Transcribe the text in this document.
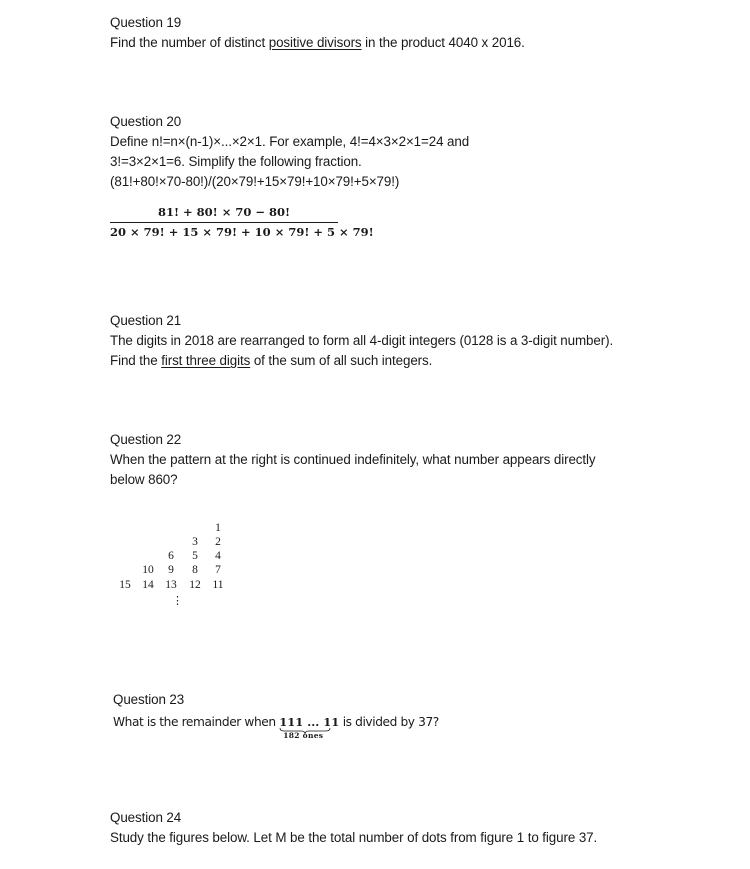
Question 19
Find the number of distinct positive divisors in the product 4040 x 2016.
Question 20
Define n!=n×(n-1)×...×2×1. For example, 4!=4×3×2×1=24 and
3!=3×2×1=6. Simplify the following fraction.
(81!+80!×70-80!)/(20×79!+15×79!+10×79!+5×79!)
81! + 80! × 70 − 80!
20 × 79! + 15 × 79! + 10 × 79! + 5 × 79!
Question 21
The digits in 2018 are rearranged to form all 4-digit integers (0128 is a 3-digit number).
Find the first three digits of the sum of all such integers.
Question 22
When the pattern at the right is continued indefinitely, what number appears directly
below 860?
1
3	2
6	5	4
10	9	8	7
15	14	13	12	11
⋮
Question 23
What is the remainder when 111 ... 11
182 ones
is divided by 37?
Question 24
Study the figures below. Let M be the total number of dots from figure 1 to figure 37.
